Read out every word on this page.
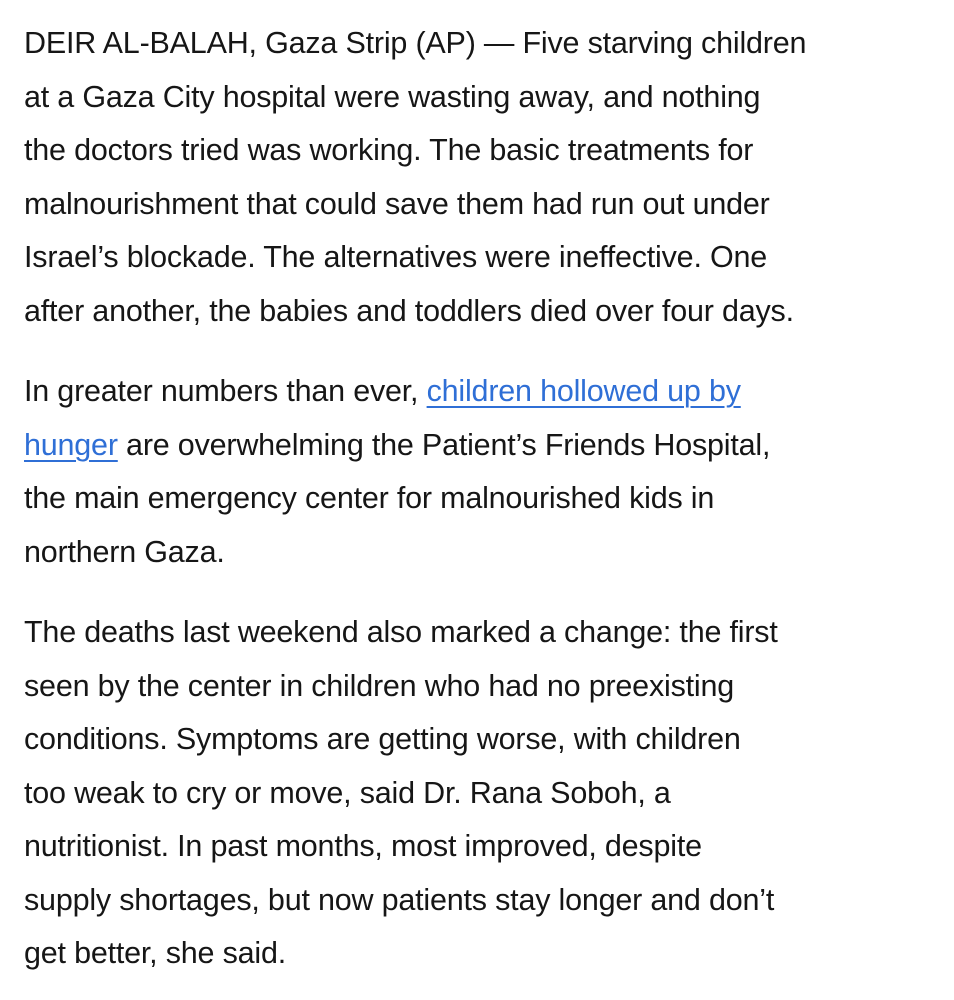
DEIR AL-BALAH, Gaza Strip (AP) — Five starving children
at a Gaza City hospital were wasting away, and nothing
the doctors tried was working. The basic treatments for
malnourishment that could save them had run out under
Israel’s blockade. The alternatives were ineffective. One
after another, the babies and toddlers died over four days.

In greater numbers than ever, children hollowed up by
hunger are overwhelming the Patient’s Friends Hospital,
the main emergency center for malnourished kids in
northern Gaza.

The deaths last weekend also marked a change: the first
seen by the center in children who had no preexisting
conditions. Symptoms are getting worse, with children
too weak to cry or move, said Dr. Rana Soboh, a
nutritionist. In past months, most improved, despite
supply shortages, but now patients stay longer and don’t
get better, she said.
